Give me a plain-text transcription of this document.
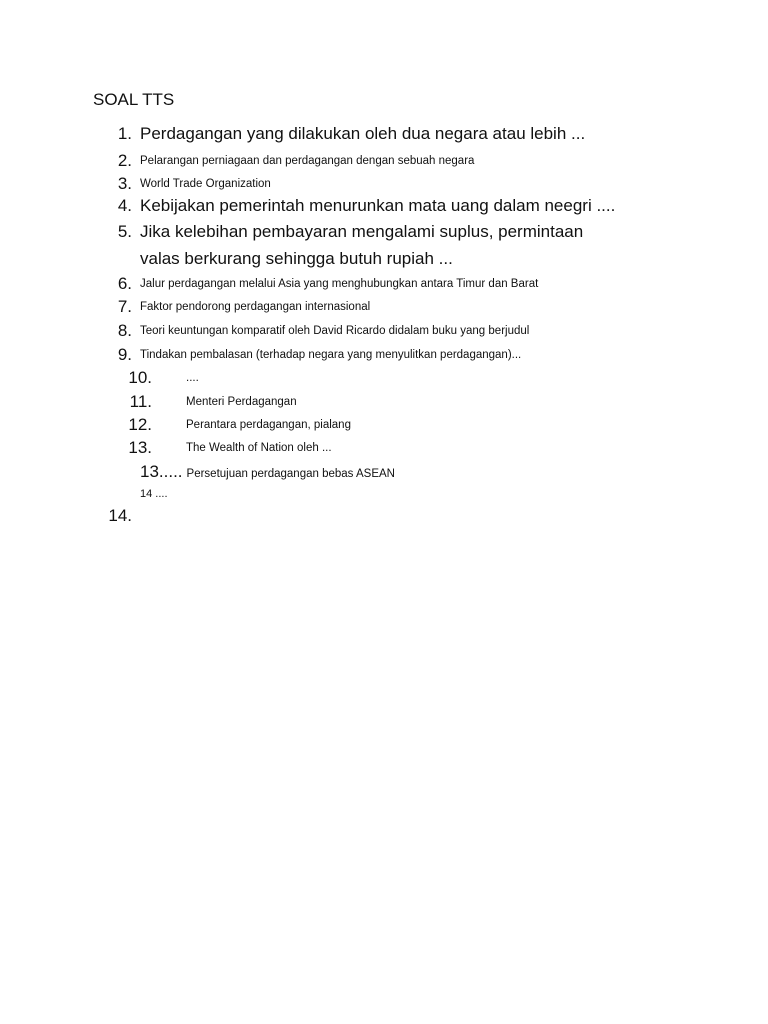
SOAL TTS
1. Perdagangan yang dilakukan oleh dua negara atau lebih ...
2. Pelarangan perniagaan dan perdagangan dengan sebuah negara
3. World Trade Organization
4. Kebijakan pemerintah menurunkan mata uang dalam neegri ....
5. Jika kelebihan pembayaran mengalami suplus, permintaan
valas berkurang sehingga butuh rupiah ...
6. Jalur perdagangan melalui Asia yang menghubungkan antara Timur dan Barat
7. Faktor pendorong perdagangan internasional
8. Teori keuntungan komparatif oleh David Ricardo didalam buku yang berjudul
9. Tindakan pembalasan (terhadap negara yang menyulitkan perdagangan)...
10.	....
11.	Menteri Perdagangan
12.	Perantara perdagangan, pialang
13.	The Wealth of Nation oleh ...
13..... Persetujuan perdagangan bebas ASEAN
14 ....
14.
